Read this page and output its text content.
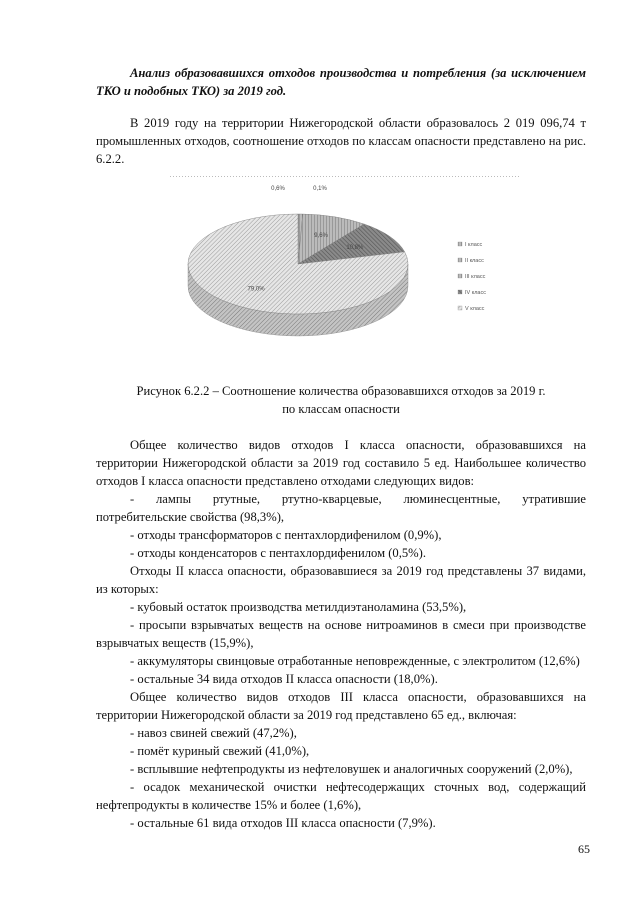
Анализ образовавшихся отходов производства и потребления (за исключением ТКО и подобных ТКО) за 2019 год.

В 2019 году на территории Нижегородской области образовалось 2 019 096,74 т промышленных отходов, соотношение отходов по классам опасности представлено на рис. 6.2.2.

0,1%
0,6%
9,6%
10,8%
79,0%
I класс
II класс
III класс
IV класс
V класс
Рисунок 6.2.2 – Соотношение количества образовавшихся отходов за 2019 г.
по классам опасности

Общее количество видов отходов I класса опасности, образовавшихся на территории Нижегородской области за 2019 год составило 5 ед. Наибольшее количество отходов I класса опасности представлено отходами следующих видов:

- лампы ртутные, ртутно-кварцевые, люминесцентные, утратившие потребительские свойства (98,3%),

- отходы трансформаторов с пентахлордифенилом (0,9%),

- отходы конденсаторов с пентахлордифенилом (0,5%).

Отходы II класса опасности, образовавшиеся за 2019 год представлены 37 видами, из которых:

- кубовый остаток производства метилдиэтаноламина (53,5%),

- просыпи взрывчатых веществ на основе нитроаминов в смеси при производстве взрывчатых веществ (15,9%),

- аккумуляторы свинцовые отработанные неповрежденные, с электролитом (12,6%)

- остальные 34 вида отходов II класса опасности (18,0%).

Общее количество видов отходов III класса опасности, образовавшихся на территории Нижегородской области за 2019 год представлено 65 ед., включая:

- навоз свиней свежий (47,2%),

- помёт куриный свежий (41,0%),

- всплывшие нефтепродукты из нефтеловушек и аналогичных сооружений (2,0%),

- осадок механической очистки нефтесодержащих сточных вод, содержащий нефтепродукты в количестве 15% и более (1,6%),

- остальные 61 вида отходов III класса опасности (7,9%).

65
